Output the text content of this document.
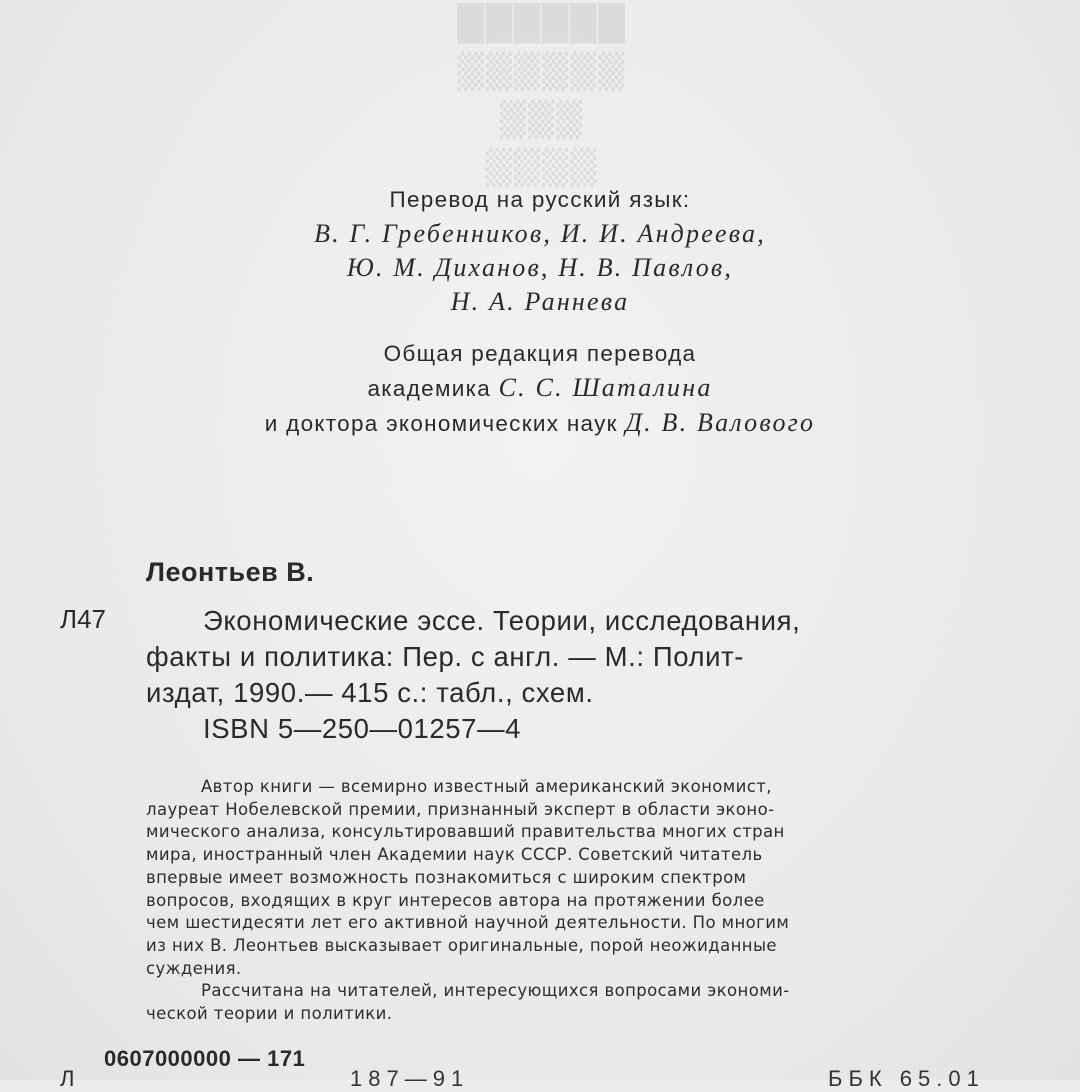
██████
▒▒▒▒▒▒
▒▒▒
▒▒▒▒
Перевод на русский язык:
В. Г. Гребенников, И. И. Андреева,
Ю. М. Диханов, Н. В. Павлов,
Н. А. Раннева
Общая редакция перевода
академика С. С. Шаталина
и доктора экономических наук Д. В. Валового
Леонтьев В.
Л47	Экономические эссе. Теории, исследования,
факты и политика: Пер. с англ. — М.: Полит-
издат, 1990.— 415 с.: табл., схем.
ISBN 5—250—01257—4
Автор книги — всемирно известный американский экономист,
лауреат Нобелевской премии, признанный эксперт в области эконо-
мического анализа, консультировавший правительства многих стран
мира, иностранный член Академии наук СССР. Советский читатель
впервые имеет возможность познакомиться с широким спектром
вопросов, входящих в круг интересов автора на протяжении более
чем шестидесяти лет его активной научной деятельности. По многим
из них В. Леонтьев высказывает оригинальные, порой неожиданные
суждения.
Рассчитана на читателей, интересующихся вопросами экономи-
ческой теории и политики.
0607000000 — 171
Л	187—91	ББК 65.01
